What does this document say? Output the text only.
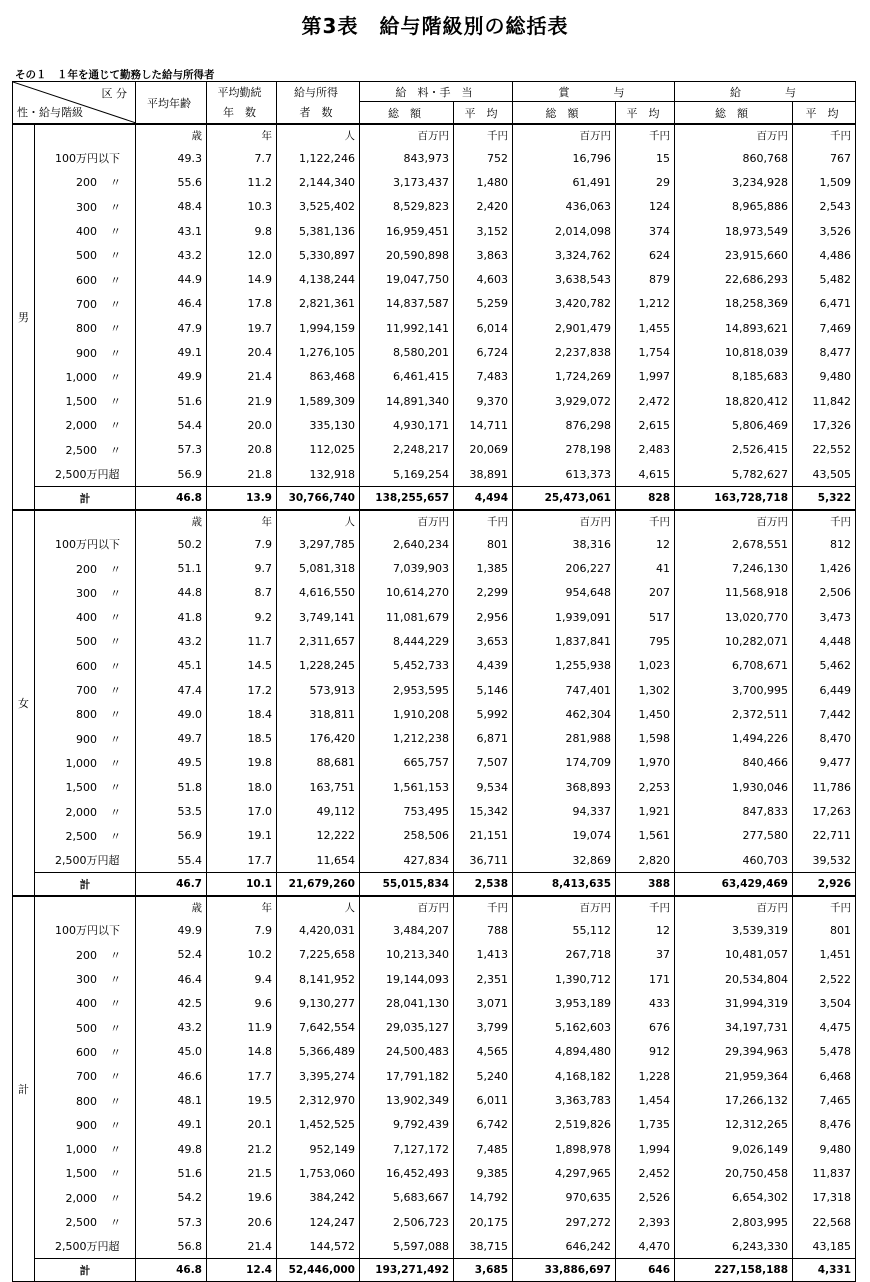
第3表　給与階級別の総括表
その１　１年を通じて勤務した給与所得者
区 分
性・給与階級		平均年齢	平均勤続	給与所得	給　料・手　当		賞　　　　与		給　　　　与	
			年　数	者　数	総　額	平　均	総　額	平　均	総　額	平　均
男		歳	年	人	百万円	千円	百万円	千円	百万円	千円
	100万円以下	49.3	7.7	1,122,246	843,973	752	16,796	15	860,768	767
	200 〃	55.6	11.2	2,144,340	3,173,437	1,480	61,491	29	3,234,928	1,509
	300 〃	48.4	10.3	3,525,402	8,529,823	2,420	436,063	124	8,965,886	2,543
	400 〃	43.1	9.8	5,381,136	16,959,451	3,152	2,014,098	374	18,973,549	3,526
	500 〃	43.2	12.0	5,330,897	20,590,898	3,863	3,324,762	624	23,915,660	4,486
	600 〃	44.9	14.9	4,138,244	19,047,750	4,603	3,638,543	879	22,686,293	5,482
	700 〃	46.4	17.8	2,821,361	14,837,587	5,259	3,420,782	1,212	18,258,369	6,471
	800 〃	47.9	19.7	1,994,159	11,992,141	6,014	2,901,479	1,455	14,893,621	7,469
	900 〃	49.1	20.4	1,276,105	8,580,201	6,724	2,237,838	1,754	10,818,039	8,477
	1,000 〃	49.9	21.4	863,468	6,461,415	7,483	1,724,269	1,997	8,185,683	9,480
	1,500 〃	51.6	21.9	1,589,309	14,891,340	9,370	3,929,072	2,472	18,820,412	11,842
	2,000 〃	54.4	20.0	335,130	4,930,171	14,711	876,298	2,615	5,806,469	17,326
	2,500 〃	57.3	20.8	112,025	2,248,217	20,069	278,198	2,483	2,526,415	22,552
	2,500万円超	56.9	21.8	132,918	5,169,254	38,891	613,373	4,615	5,782,627	43,505
	計	46.8	13.9	30,766,740	138,255,657	4,494	25,473,061	828	163,728,718	5,322
女		歳	年	人	百万円	千円	百万円	千円	百万円	千円
	100万円以下	50.2	7.9	3,297,785	2,640,234	801	38,316	12	2,678,551	812
	200 〃	51.1	9.7	5,081,318	7,039,903	1,385	206,227	41	7,246,130	1,426
	300 〃	44.8	8.7	4,616,550	10,614,270	2,299	954,648	207	11,568,918	2,506
	400 〃	41.8	9.2	3,749,141	11,081,679	2,956	1,939,091	517	13,020,770	3,473
	500 〃	43.2	11.7	2,311,657	8,444,229	3,653	1,837,841	795	10,282,071	4,448
	600 〃	45.1	14.5	1,228,245	5,452,733	4,439	1,255,938	1,023	6,708,671	5,462
	700 〃	47.4	17.2	573,913	2,953,595	5,146	747,401	1,302	3,700,995	6,449
	800 〃	49.0	18.4	318,811	1,910,208	5,992	462,304	1,450	2,372,511	7,442
	900 〃	49.7	18.5	176,420	1,212,238	6,871	281,988	1,598	1,494,226	8,470
	1,000 〃	49.5	19.8	88,681	665,757	7,507	174,709	1,970	840,466	9,477
	1,500 〃	51.8	18.0	163,751	1,561,153	9,534	368,893	2,253	1,930,046	11,786
	2,000 〃	53.5	17.0	49,112	753,495	15,342	94,337	1,921	847,833	17,263
	2,500 〃	56.9	19.1	12,222	258,506	21,151	19,074	1,561	277,580	22,711
	2,500万円超	55.4	17.7	11,654	427,834	36,711	32,869	2,820	460,703	39,532
	計	46.7	10.1	21,679,260	55,015,834	2,538	8,413,635	388	63,429,469	2,926
計		歳	年	人	百万円	千円	百万円	千円	百万円	千円
	100万円以下	49.9	7.9	4,420,031	3,484,207	788	55,112	12	3,539,319	801
	200 〃	52.4	10.2	7,225,658	10,213,340	1,413	267,718	37	10,481,057	1,451
	300 〃	46.4	9.4	8,141,952	19,144,093	2,351	1,390,712	171	20,534,804	2,522
	400 〃	42.5	9.6	9,130,277	28,041,130	3,071	3,953,189	433	31,994,319	3,504
	500 〃	43.2	11.9	7,642,554	29,035,127	3,799	5,162,603	676	34,197,731	4,475
	600 〃	45.0	14.8	5,366,489	24,500,483	4,565	4,894,480	912	29,394,963	5,478
	700 〃	46.6	17.7	3,395,274	17,791,182	5,240	4,168,182	1,228	21,959,364	6,468
	800 〃	48.1	19.5	2,312,970	13,902,349	6,011	3,363,783	1,454	17,266,132	7,465
	900 〃	49.1	20.1	1,452,525	9,792,439	6,742	2,519,826	1,735	12,312,265	8,476
	1,000 〃	49.8	21.2	952,149	7,127,172	7,485	1,898,978	1,994	9,026,149	9,480
	1,500 〃	51.6	21.5	1,753,060	16,452,493	9,385	4,297,965	2,452	20,750,458	11,837
	2,000 〃	54.2	19.6	384,242	5,683,667	14,792	970,635	2,526	6,654,302	17,318
	2,500 〃	57.3	20.6	124,247	2,506,723	20,175	297,272	2,393	2,803,995	22,568
	2,500万円超	56.8	21.4	144,572	5,597,088	38,715	646,242	4,470	6,243,330	43,185
	計	46.8	12.4	52,446,000	193,271,492	3,685	33,886,697	646	227,158,188	4,331
